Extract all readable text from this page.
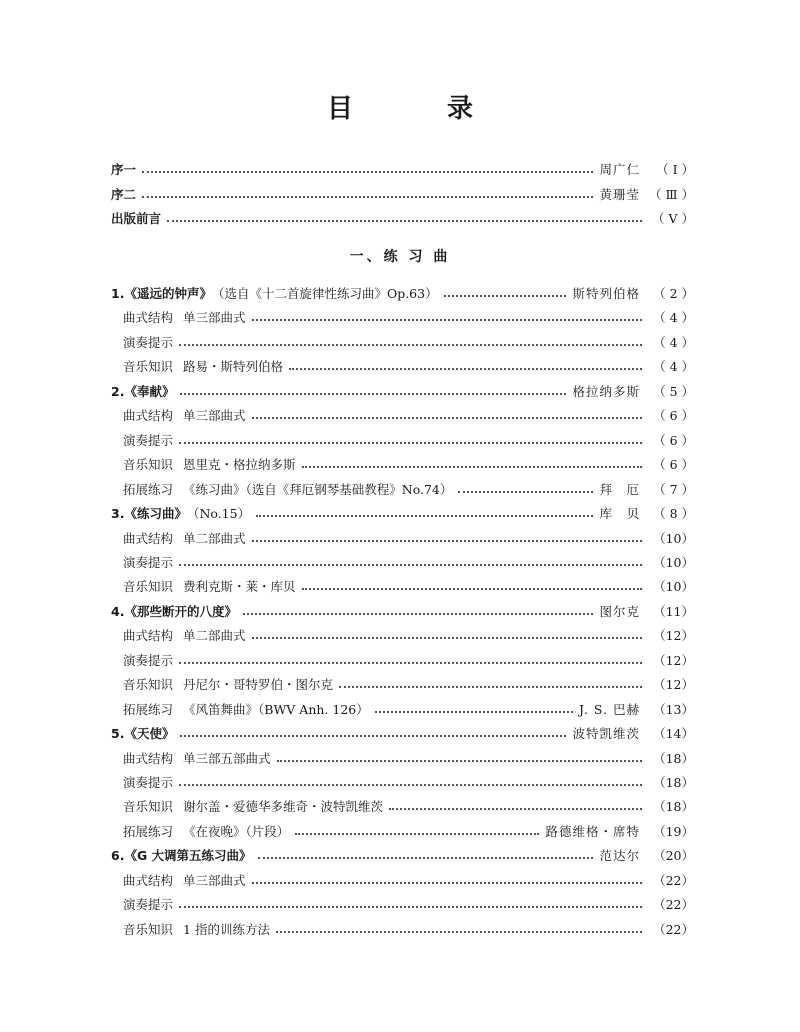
目　录
序一	周广仁	（ Ⅰ ）
序二	黄珊莹 （ Ⅲ ）
出版前言	（ Ⅴ ）
一、练 习 曲
1.《遥远的钟声》 （选自《十二首旋律性练习曲》Op.63）	斯特列伯格	（ 2 ）
曲式结构 单三部曲式	（ 4 ）
演奏提示	（ 4 ）
音乐知识 路易・斯特列伯格	（ 4 ）
2.《奉献》	格拉纳多斯	（ 5 ）
曲式结构 单三部曲式	（ 6 ）
演奏提示	（ 6 ）
音乐知识 恩里克・格拉纳多斯	（ 6 ）
拓展练习 《练习曲》（选自《拜厄钢琴基础教程》No.74）	拜　厄	（ 7 ）
3.《练习曲》 （No.15）	库　贝	（ 8 ）
曲式结构 单二部曲式	（10）
演奏提示	（10）
音乐知识 费利克斯・莱・库贝	（10）
4.《那些断开的八度》	图尔克	（11）
曲式结构 单二部曲式	（12）
演奏提示	（12）
音乐知识 丹尼尔・哥特罗伯・图尔克	（12）
拓展练习 《风笛舞曲》（BWV Anh. 126）	J. S. 巴赫	（13）
5.《天使》	波特凯维茨	（14）
曲式结构 单三部五部曲式	（18）
演奏提示	（18）
音乐知识 谢尔盖・爱德华多维奇・波特凯维茨	（18）
拓展练习 《在夜晚》（片段）	路德维格・席特	（19）
6.《G 大调第五练习曲》	范达尔	（20）
曲式结构 单三部曲式	（22）
演奏提示	（22）
音乐知识 1 指的训练方法	（22）
